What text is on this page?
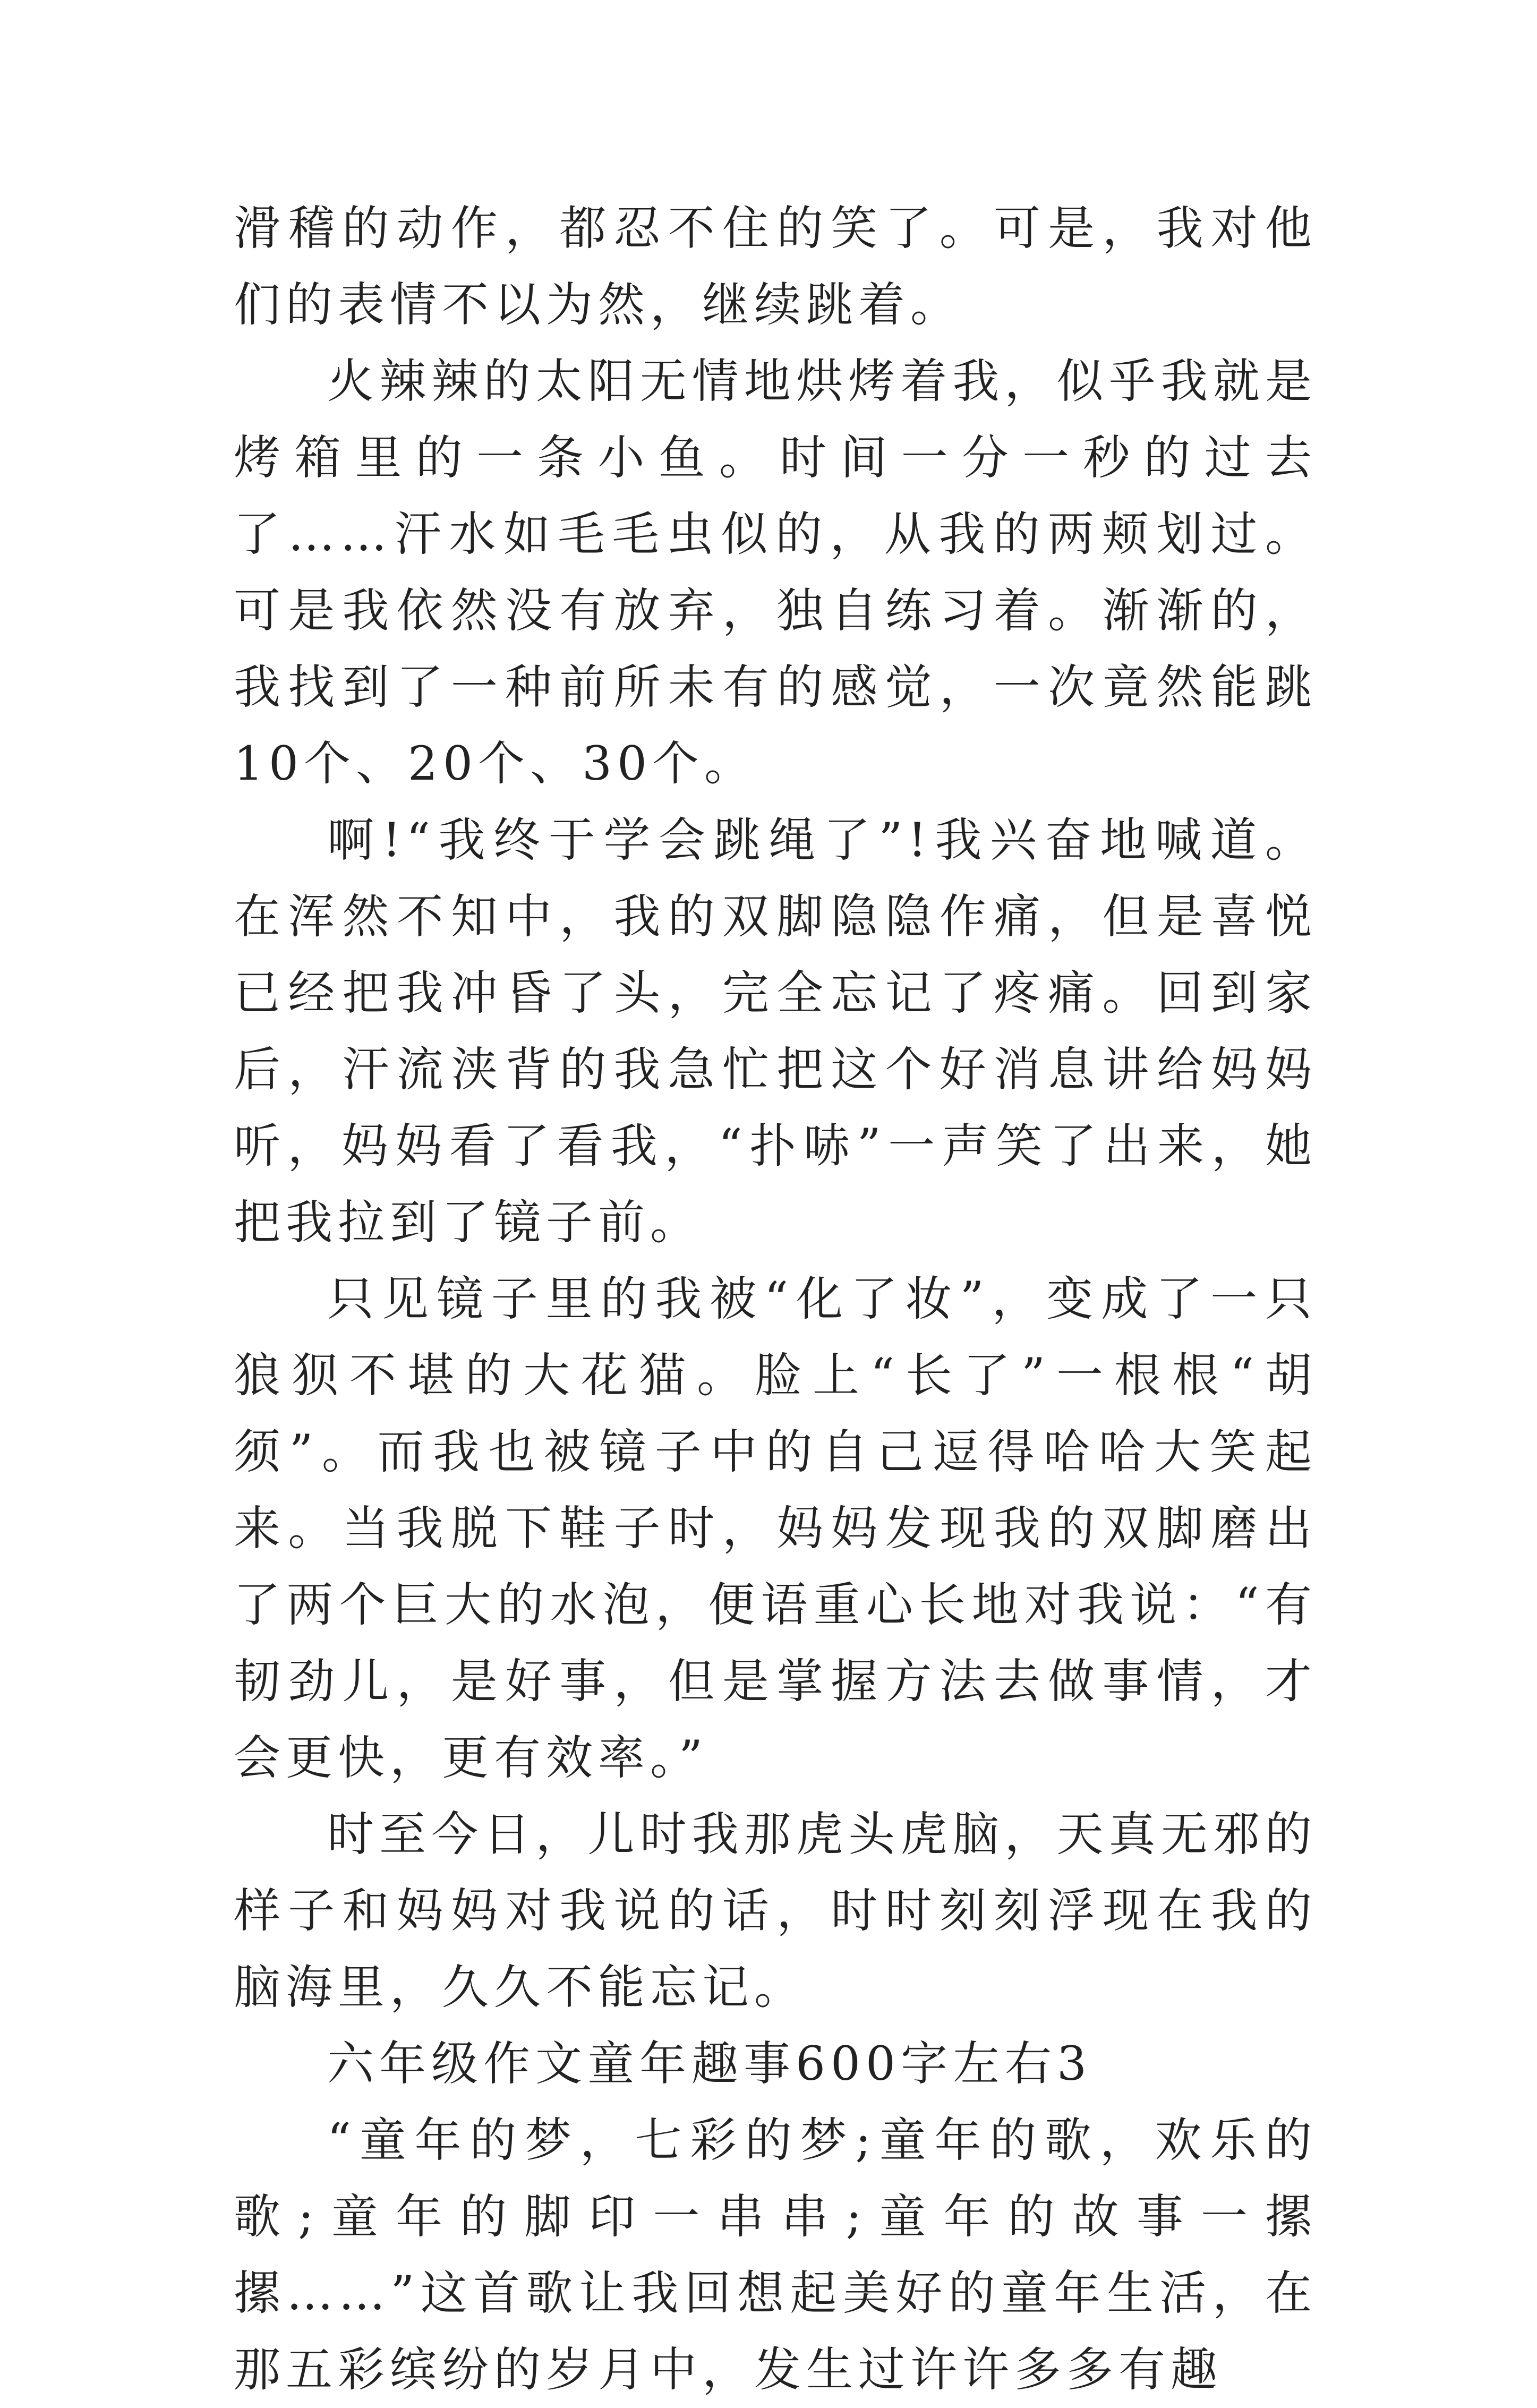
滑稽的动作，都忍不住的笑了。可是，我对他们的表情不以为然，继续跳着。

火辣辣的太阳无情地烘烤着我，似乎我就是烤箱里的一条小鱼。时间一分一秒的过去了……汗水如毛毛虫似的，从我的两颊划过。可是我依然没有放弃，独自练习着。渐渐的，我找到了一种前所未有的感觉，一次竟然能跳10个、20个、30个。

啊!“我终于学会跳绳了”!我兴奋地喊道。在浑然不知中，我的双脚隐隐作痛，但是喜悦已经把我冲昏了头，完全忘记了疼痛。回到家后，汗流浃背的我急忙把这个好消息讲给妈妈听，妈妈看了看我，“扑哧”一声笑了出来，她把我拉到了镜子前。

只见镜子里的我被“化了妆”，变成了一只狼狈不堪的大花猫。脸上“长了”一根根“胡须”。而我也被镜子中的自己逗得哈哈大笑起来。当我脱下鞋子时，妈妈发现我的双脚磨出了两个巨大的水泡，便语重心长地对我说：“有韧劲儿，是好事，但是掌握方法去做事情，才会更快，更有效率。”

时至今日，儿时我那虎头虎脑，天真无邪的样子和妈妈对我说的话，时时刻刻浮现在我的脑海里，久久不能忘记。

六年级作文童年趣事600字左右3

“童年的梦，七彩的梦;童年的歌，欢乐的歌;童年的脚印一串串;童年的故事一摞摞……”这首歌让我回想起美好的童年生活，在那五彩缤纷的岁月中，发生过许许多多有趣
